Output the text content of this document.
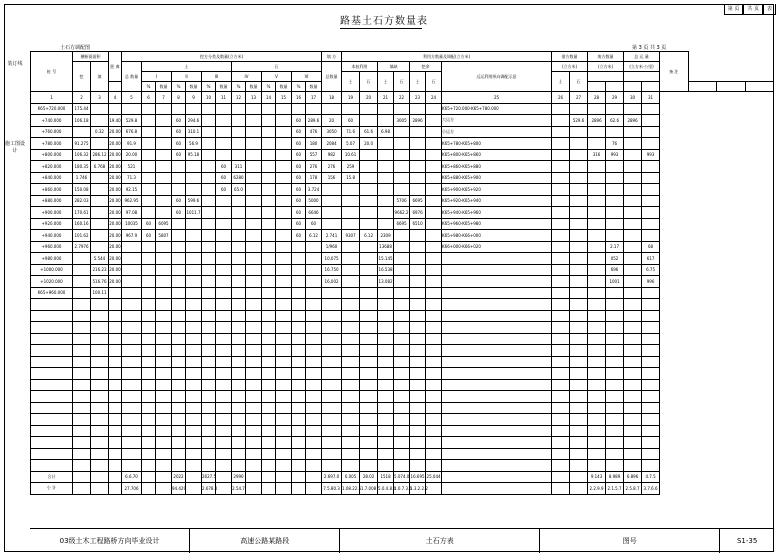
装订线
施工图设计
第 页	共 页	表
路基土石方数量表
土石方调配图	第 3 页 共 3 页
桩 号	横断面面积		距 离	挖方分类及数量(立方米)													填 方	利用方数量及调配(立方米)							借方数量		废方数量		总 运 量		备 注			
	挖	填		总 数量	土						石						总数量	本桩利用		填缺		挖余		远运利用纵向调配示意	(立方米)		(立方米)		(立方米·公里)					
					I		II		III		IV		V		VI			土	石	土	石	土	石		土	石								
					%	数量	%	数量	%	数量	%	数量	%	数量	%	数量																		
1	2	3	4	5	6	7	8	9	10	11	12	13	14	15	16	17	18	19	20	21	22	23	24	25	26	27	28	29	30	31				
K65+720.000	175.44																							K65+720.000-K65+780.000										
+740.000	106.18		19.40	529.8			60	294.6							60	289.6	20	60			3005	2896		大运方		529.6	2896	62.6	2896					
+760.000		0.32	20.00	676.8			60	310.1							60	476	3050	71.6	61.6	6.98				小运方										
+780.000	91.275		20.00	91.9			60	56.9							60	180	2084	5.07	20.0					K65+780-K65+800				76						
+800.000	106.32	286.12	20.00	20.00			60	95.18							60	557	982	10.61						K65+800-K65+860			316	993		993				
+820.000	180.35	6.768	20.00	521						60	311				60	276	276	259						K65+860-K65+880										
+840.000	1.746		20.00	71.3						60	6280				60	178	156	15.8						K65+880-K65+900										
+860.000	150.08		20.00	92.15						60	65.0				60	3.724								K65+900-K65+920										
+880.000	282.03		20.00	962.95			60	599.6							60	5000					5706	6695		K65+920-K65+940										
+900.000	170.61		20.00	97.08			60	1011.7							60	6646					9662.2	6976		K65+940-K65+960										
+920.000	160.16		20.00	10035	60	6095									60	60					6695	6510		K65+960-K65+980										
+940.000	101.62		20.00	967.9	60	5807									60	6.12	2.741	9307	6.12	2309				K65+980-K66+000										
+960.000	2.7976		20.00														1/960			13688				K66+000-K66+020				2.17		68				
+980.000		5.544	20.00														10,075			15.145								052		617				
+1000.000		216.23	20.00														16.750			16.538								696		6.75				
+1020.000		516.76	20.00														16,002			13.082								1001		996				
K65+960.000		100.11																																

合计				6.6.70			2022		2627.5		2990						2.697.0	6.005	28.02	1518	5.074.0	16.695	25.044				9.143	8.989	6.896	4.7.5				
小 计				27.706			94.429		2.678.0		2.54.7						7.5.80.3	1.08.22.5	1.7.008	5.0.4.8.4	1.0.7.3.6	1.3.2.2.2					2.2.9.9	2.1.5.7	2.5.8.7	3.7.6.6				
03级土木工程路桥方向毕业设计	高速公路某路段	土石方表	图号	S1-35
